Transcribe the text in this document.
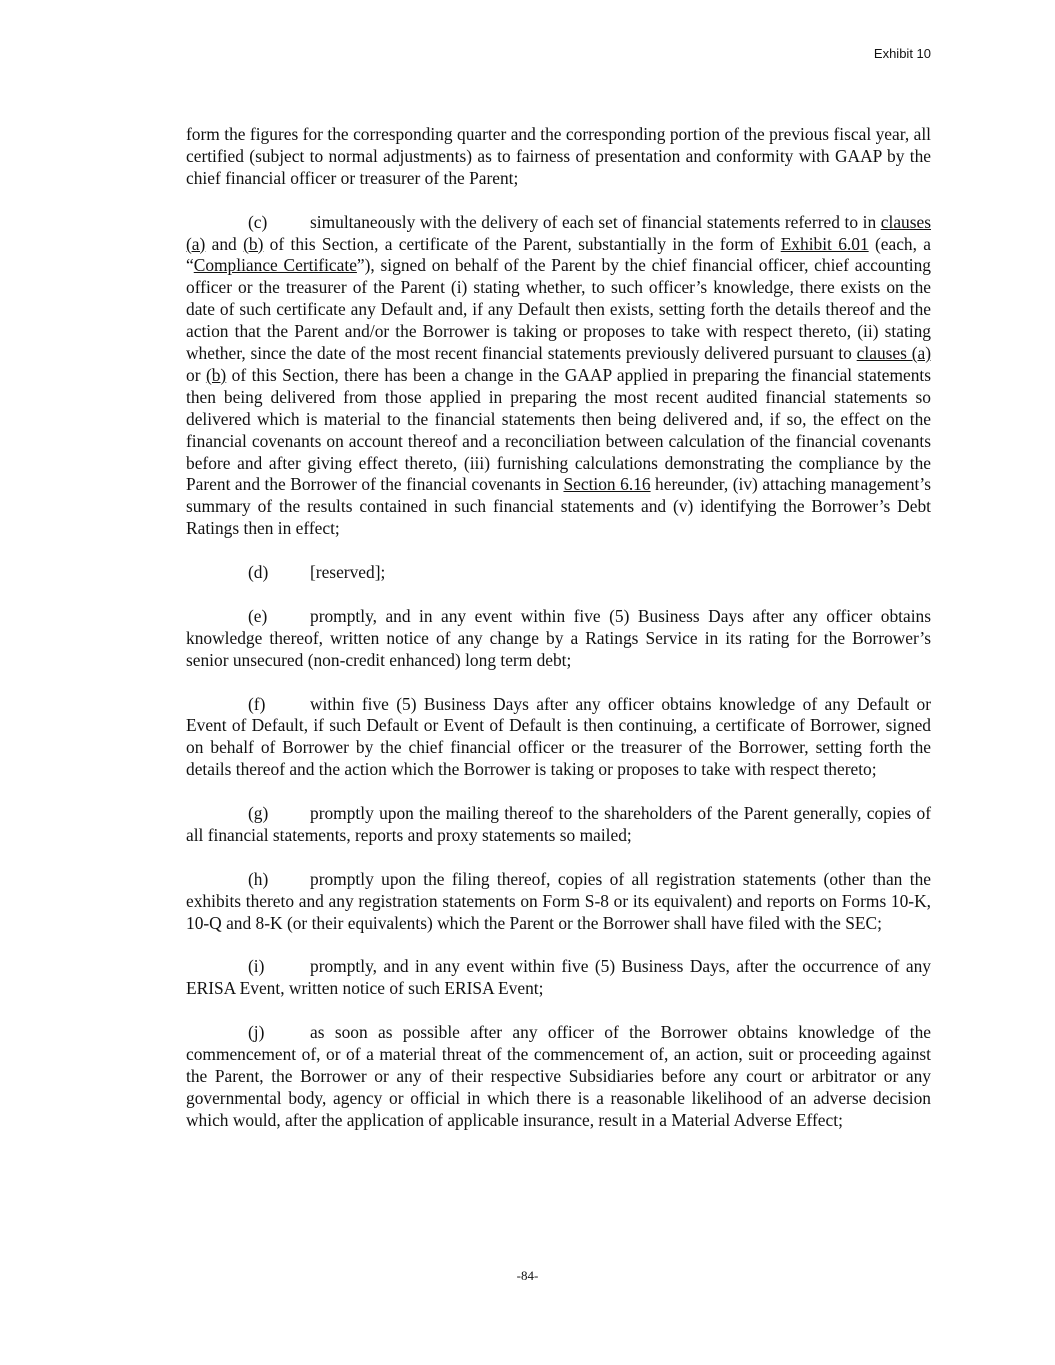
Exhibit 10

form the figures for the corresponding quarter and the corresponding portion of the previous fiscal year, all certified (subject to normal adjustments) as to fairness of presentation and conformity with GAAP by the chief financial officer or treasurer of the Parent;

(c) simultaneously with the delivery of each set of financial statements referred to in clauses (a) and (b) of this Section, a certificate of the Parent, substantially in the form of Exhibit 6.01 (each, a “Compliance Certificate”), signed on behalf of the Parent by the chief financial officer, chief accounting officer or the treasurer of the Parent (i) stating whether, to such officer’s knowledge, there exists on the date of such certificate any Default and, if any Default then exists, setting forth the details thereof and the action that the Parent and/or the Borrower is taking or proposes to take with respect thereto, (ii) stating whether, since the date of the most recent financial statements previously delivered pursuant to clauses (a) or (b) of this Section, there has been a change in the GAAP applied in preparing the financial statements then being delivered from those applied in preparing the most recent audited financial statements so delivered which is material to the financial statements then being delivered and, if so, the effect on the financial covenants on account thereof and a reconciliation between calculation of the financial covenants before and after giving effect thereto, (iii) furnishing calculations demonstrating the compliance by the Parent and the Borrower of the financial covenants in Section 6.16 hereunder, (iv) attaching management’s summary of the results contained in such financial statements and (v) identifying the Borrower’s Debt Ratings then in effect;

(d) [reserved];

(e) promptly, and in any event within five (5) Business Days after any officer obtains knowledge thereof, written notice of any change by a Ratings Service in its rating for the Borrower’s senior unsecured (non-credit enhanced) long term debt;

(f)	within five (5) Business Days after any officer obtains knowledge of any Default or Event of Default, if such Default or Event of Default is then continuing, a certificate of Borrower, signed on behalf of Borrower by the chief financial officer or the treasurer of the Borrower, setting forth the details thereof and the action which the Borrower is taking or proposes to take with respect thereto;

(g) promptly upon the mailing thereof to the shareholders of the Parent generally, copies of all financial statements, reports and proxy statements so mailed;

(h) promptly upon the filing thereof, copies of all registration statements (other than the exhibits thereto and any registration statements on Form S-8 or its equivalent) and reports on Forms 10-K, 10-Q and 8-K (or their equivalents) which the Parent or the Borrower shall have filed with the SEC;

(i)	promptly, and in any event within five (5) Business Days, after the occurrence of any ERISA Event, written notice of such ERISA Event;

(j)	as soon as possible after any officer of the Borrower obtains knowledge of the commencement of, or of a material threat of the commencement of, an action, suit or proceeding against the Parent, the Borrower or any of their respective Subsidiaries before any court or arbitrator or any governmental body, agency or official in which there is a reasonable likelihood of an adverse decision which would, after the application of applicable insurance, result in a Material Adverse Effect;

-84-
